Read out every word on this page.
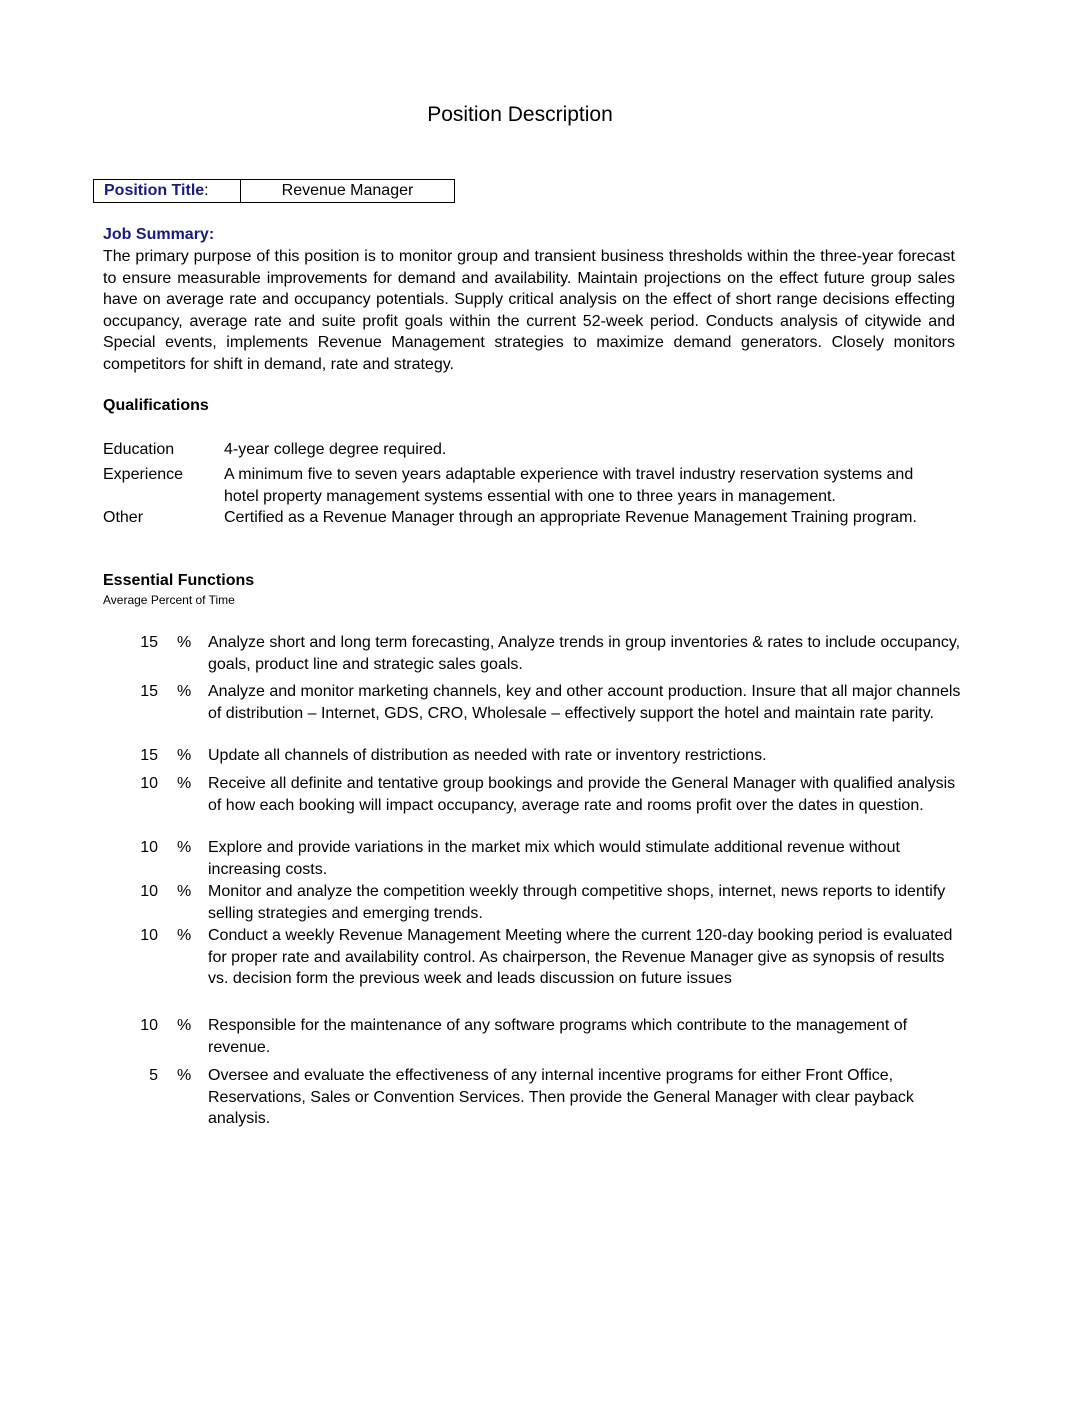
Position Description
Position Title:	Revenue Manager
Job Summary:
The primary purpose of this position is to monitor group and transient business thresholds within the three-year forecast to ensure measurable improvements for demand and availability. Maintain projections on the effect future group sales have on average rate and occupancy potentials. Supply critical analysis on the effect of short range decisions effecting occupancy, average rate and suite profit goals within the current 52-week period. Conducts analysis of citywide and Special events, implements Revenue Management strategies to maximize demand generators. Closely monitors competitors for shift in demand, rate and strategy.
Qualifications
Education	4-year college degree required.
Experience	A minimum five to seven years adaptable experience with travel industry reservation systems and hotel property management systems essential with one to three years in management.
Other	Certified as a Revenue Manager through an appropriate Revenue Management Training program.
Essential Functions
Average Percent of Time
15 % Analyze short and long term forecasting, Analyze trends in group inventories & rates to include occupancy, goals, product line and strategic sales goals.
15 % Analyze and monitor marketing channels, key and other account production. Insure that all major channels of distribution – Internet, GDS, CRO, Wholesale – effectively support the hotel and maintain rate parity.
15 % Update all channels of distribution as needed with rate or inventory restrictions.
10 % Receive all definite and tentative group bookings and provide the General Manager with qualified analysis of how each booking will impact occupancy, average rate and rooms profit over the dates in question.
10 % Explore and provide variations in the market mix which would stimulate additional revenue without increasing costs.
10 % Monitor and analyze the competition weekly through competitive shops, internet, news reports to identify selling strategies and emerging trends.
10 % Conduct a weekly Revenue Management Meeting where the current 120-day booking period is evaluated for proper rate and availability control. As chairperson, the Revenue Manager give as synopsis of results vs. decision form the previous week and leads discussion on future issues
10 % Responsible for the maintenance of any software programs which contribute to the management of revenue.
5 % Oversee and evaluate the effectiveness of any internal incentive programs for either Front Office, Reservations, Sales or Convention Services. Then provide the General Manager with clear payback analysis.
